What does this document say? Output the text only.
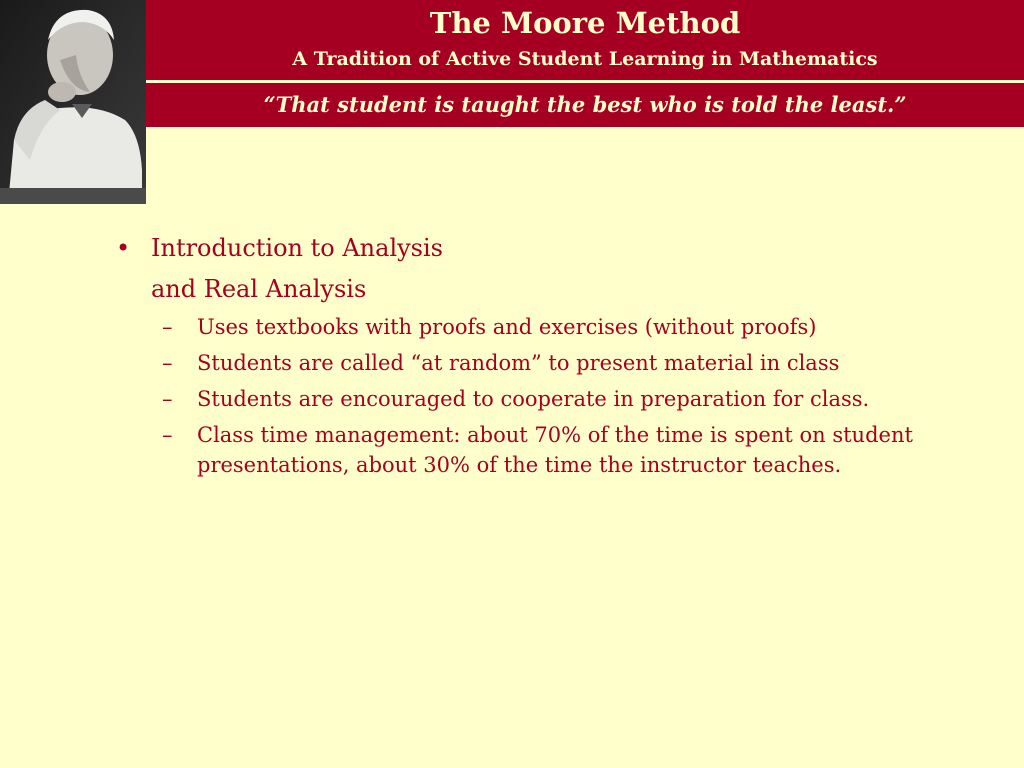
The Moore Method
A Tradition of Active Student Learning in Mathematics
“That student is taught the best who is told the least.”
• Introduction to Analysis
and Real Analysis
– Uses textbooks with proofs and exercises (without proofs)
– Students are called “at random” to present material in class
– Students are encouraged to cooperate in preparation for class.
– Class time management: about 70% of the time is spent on student presentations, about 30% of the time the instructor teaches.
